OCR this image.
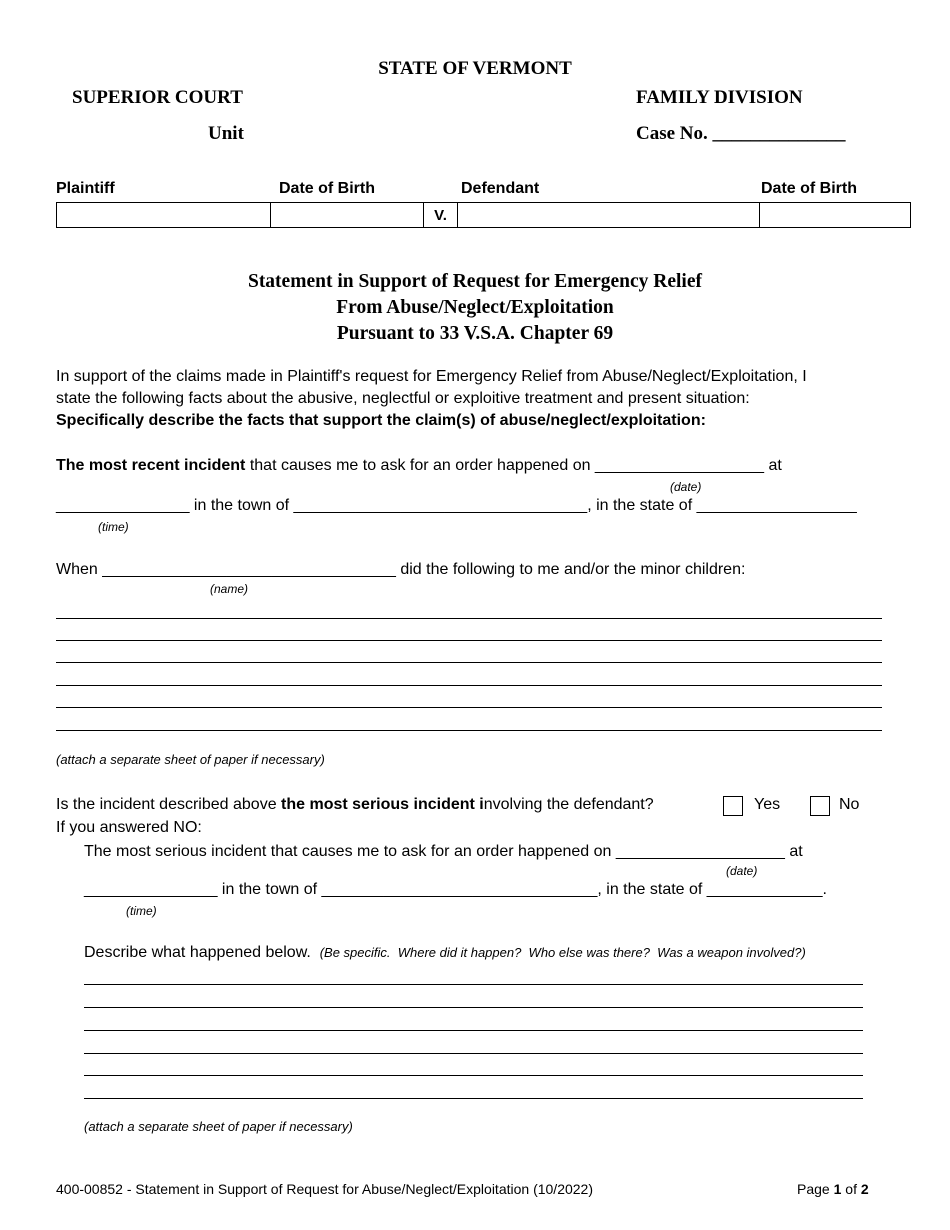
STATE OF VERMONT
SUPERIOR COURT
Unit
FAMILY DIVISION
Case No. ______________
Plaintiff	Date of Birth	Defendant	Date of Birth
		V.		
Statement in Support of Request for Emergency Relief
From Abuse/Neglect/Exploitation
Pursuant to 33 V.S.A. Chapter 69
In support of the claims made in Plaintiff's request for Emergency Relief from Abuse/Neglect/Exploitation, I
state the following facts about the abusive, neglectful or exploitive treatment and present situation:
Specifically describe the facts that support the claim(s) of abuse/neglect/exploitation:
The most recent incident that causes me to ask for an order happened on ___________________ at
(date)
_______________ in the town of _________________________________, in the state of __________________
(time)
When _________________________________ did the following to me and/or the minor children:
(name)
(attach a separate sheet of paper if necessary)
Is the incident described above the most serious incident involving the defendant?	Yes	No
If you answered NO:
The most serious incident that causes me to ask for an order happened on ___________________ at
(date)
_______________ in the town of _______________________________, in the state of _____________.
(time)
Describe what happened below. (Be specific.  Where did it happen?  Who else was there?  Was a weapon involved?)
(attach a separate sheet of paper if necessary)
400-00852 - Statement in Support of Request for Abuse/Neglect/Exploitation (10/2022)	Page 1 of 2
